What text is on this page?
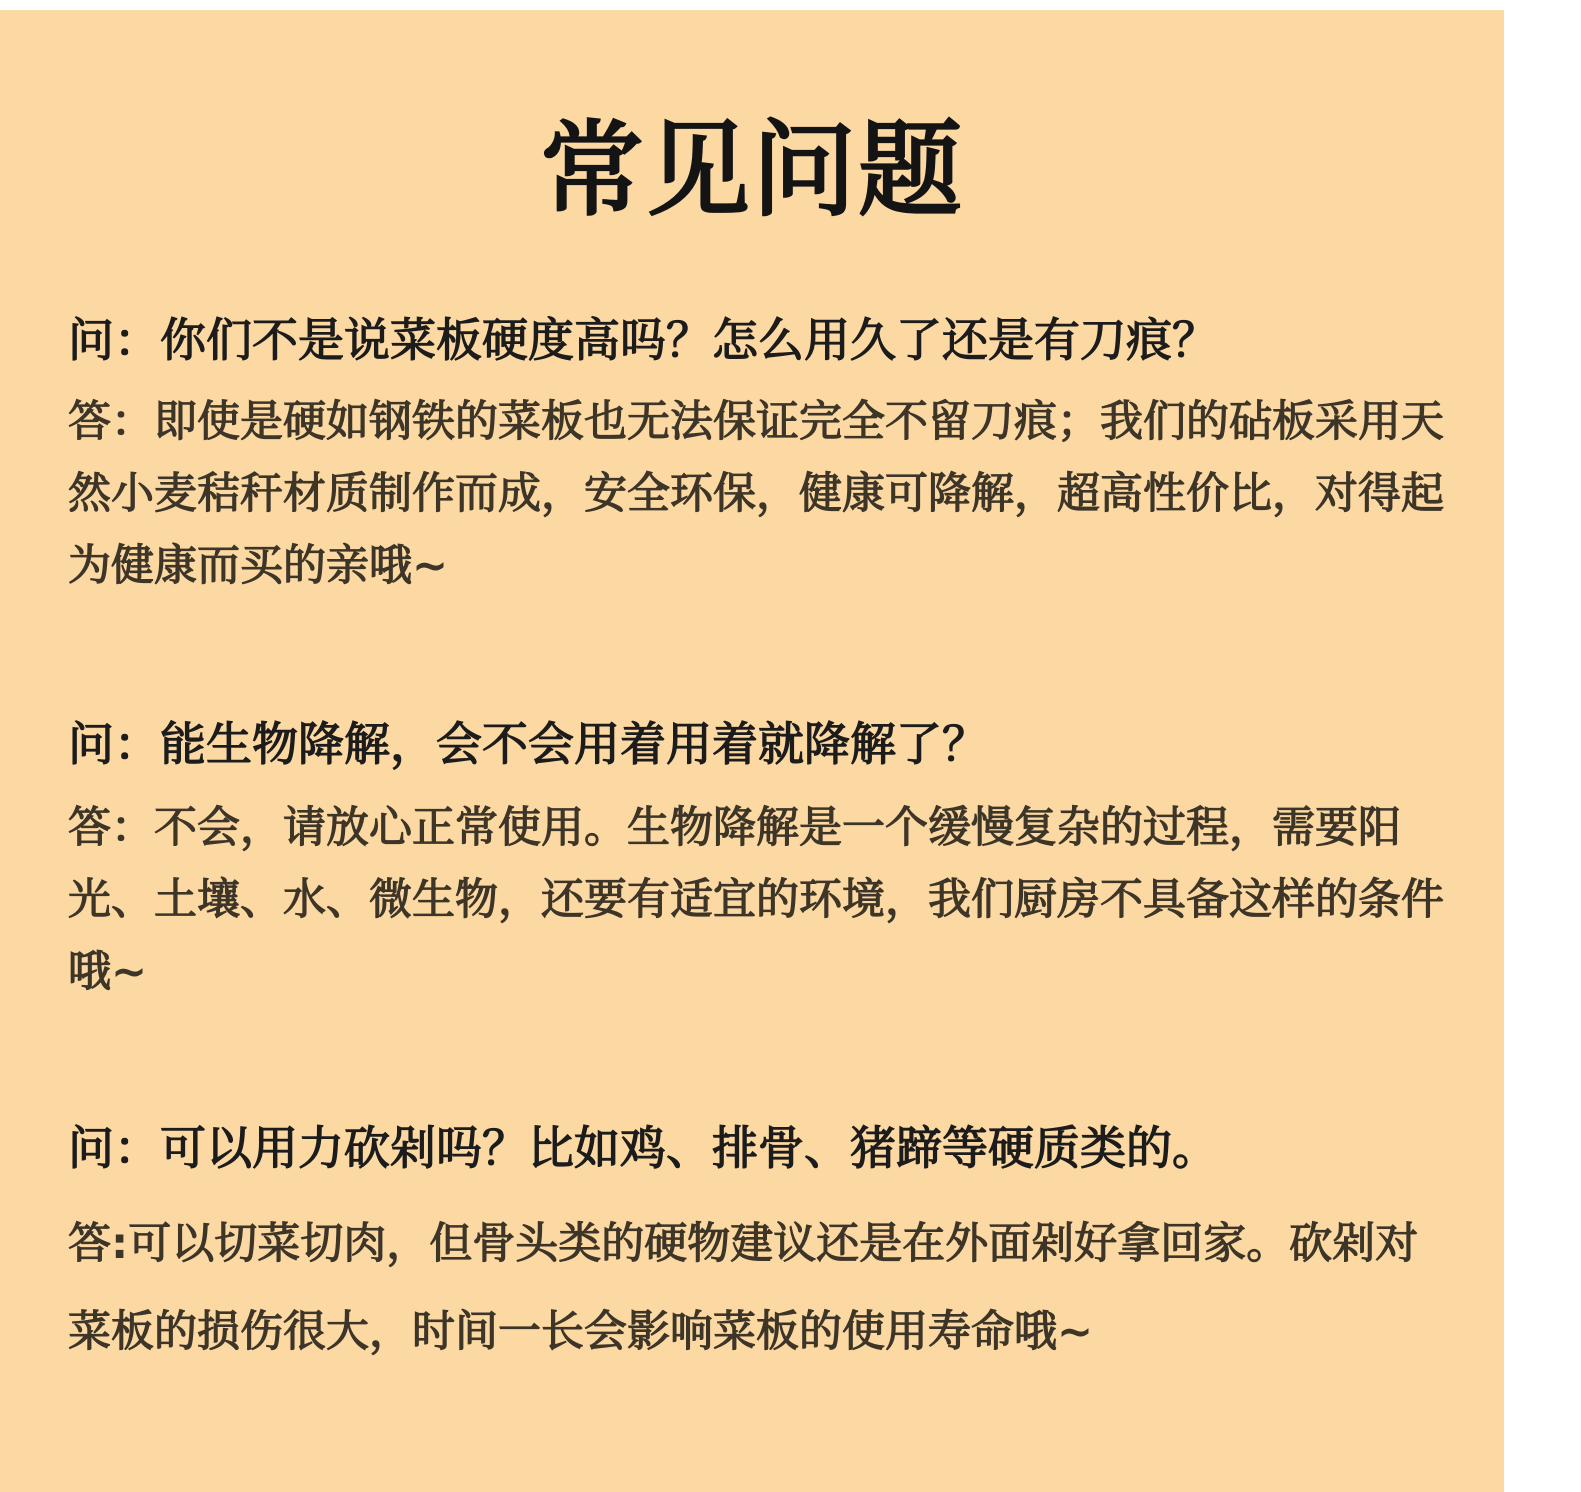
常见问题

问：你们不是说菜板硬度高吗？怎么用久了还是有刀痕？

答：即使是硬如钢铁的菜板也无法保证完全不留刀痕；我们的砧板采用天然小麦秸秆材质制作而成，安全环保，健康可降解，超高性价比，对得起为健康而买的亲哦~

问：能生物降解，会不会用着用着就降解了？

答：不会，请放心正常使用。生物降解是一个缓慢复杂的过程，需要阳光、土壤、水、微生物，还要有适宜的环境，我们厨房不具备这样的条件哦~

问：可以用力砍剁吗？比如鸡、排骨、猪蹄等硬质类的。

答:可以切菜切肉，但骨头类的硬物建议还是在外面剁好拿回家。砍剁对菜板的损伤很大，时间一长会影响菜板的使用寿命哦~
